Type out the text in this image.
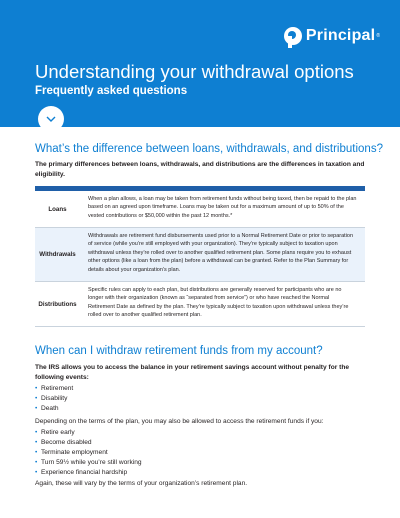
Principal ®
Understanding your withdrawal options
Frequently asked questions
What’s the difference between loans, withdrawals, and distributions?
The primary differences between loans, withdrawals, and distributions are the differences in taxation and eligibility.
Loans
When a plan allows, a loan may be taken from retirement funds without being taxed, then be repaid to the plan based on an agreed upon timeframe. Loans may be taken out for a maximum amount of up to 50% of the vested contributions or $50,000 within the past 12 months.*
Withdrawals
Withdrawals are retirement fund disbursements used prior to a Normal Retirement Date or prior to separation of service (while you’re still employed with your organization). They’re typically subject to taxation upon withdrawal unless they’re rolled over to another qualified retirement plan. Some plans require you to exhaust other options (like a loan from the plan) before a withdrawal can be granted. Refer to the Plan Summary for details about your organization’s plan.
Distributions
Specific rules can apply to each plan, but distributions are generally reserved for participants who are no longer with their organization (known as “separated from service”) or who have reached the Normal Retirement Date as defined by the plan. They’re typically subject to taxation upon withdrawal unless they’re rolled over to another qualified retirement plan.
When can I withdraw retirement funds from my account?
The IRS allows you to access the balance in your retirement savings account without penalty for the following events:
• Retirement
• Disability
• Death
Depending on the terms of the plan, you may also be allowed to access the retirement funds if you:
• Retire early
• Become disabled
• Terminate employment
• Turn 59½ while you’re still working
• Experience financial hardship
Again, these will vary by the terms of your organization’s retirement plan.
